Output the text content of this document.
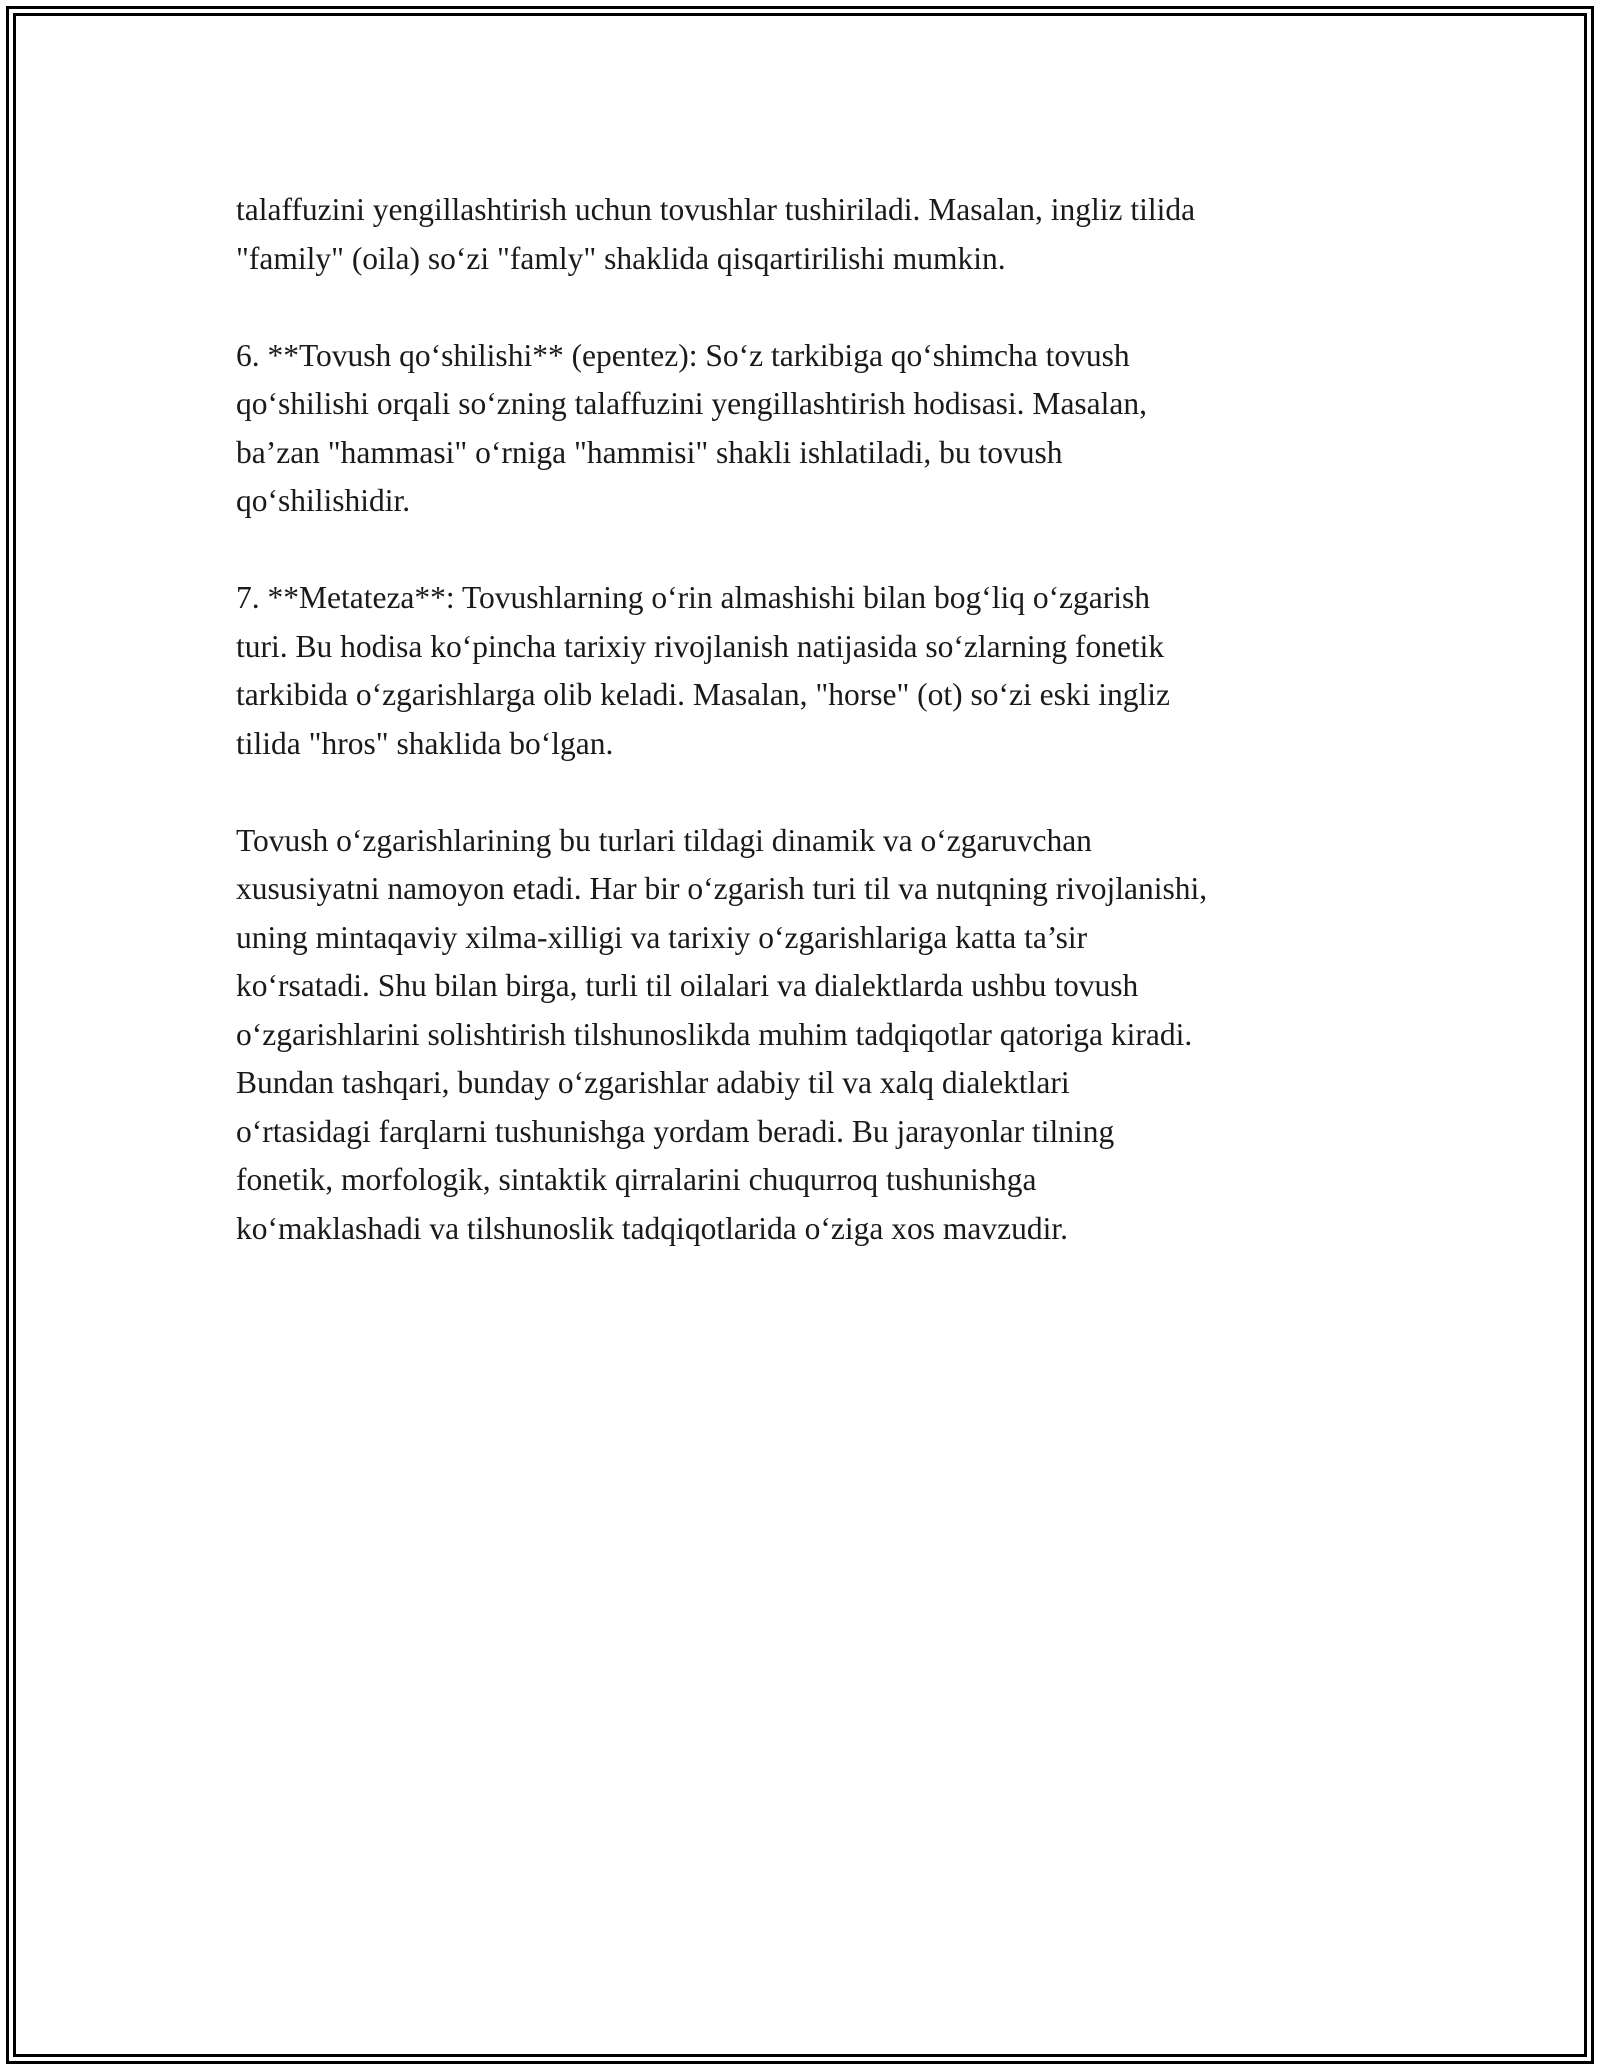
talaffuzini yengillashtirish uchun tovushlar tushiriladi. Masalan, ingliz tilida
"family" (oila) so‘zi "famly" shaklida qisqartirilishi mumkin.

6. **Tovush qo‘shilishi** (epentez): So‘z tarkibiga qo‘shimcha tovush
qo‘shilishi orqali so‘zning talaffuzini yengillashtirish hodisasi. Masalan,
ba’zan "hammasi" o‘rniga "hammisi" shakli ishlatiladi, bu tovush
qo‘shilishidir.

7. **Metateza**: Tovushlarning o‘rin almashishi bilan bog‘liq o‘zgarish
turi. Bu hodisa ko‘pincha tarixiy rivojlanish natijasida so‘zlarning fonetik
tarkibida o‘zgarishlarga olib keladi. Masalan, "horse" (ot) so‘zi eski ingliz
tilida "hros" shaklida bo‘lgan.

Tovush o‘zgarishlarining bu turlari tildagi dinamik va o‘zgaruvchan
xususiyatni namoyon etadi. Har bir o‘zgarish turi til va nutqning rivojlanishi,
uning mintaqaviy xilma-xilligi va tarixiy o‘zgarishlariga katta ta’sir
ko‘rsatadi. Shu bilan birga, turli til oilalari va dialektlarda ushbu tovush
o‘zgarishlarini solishtirish tilshunoslikda muhim tadqiqotlar qatoriga kiradi.
Bundan tashqari, bunday o‘zgarishlar adabiy til va xalq dialektlari
o‘rtasidagi farqlarni tushunishga yordam beradi. Bu jarayonlar tilning
fonetik, morfologik, sintaktik qirralarini chuqurroq tushunishga
ko‘maklashadi va tilshunoslik tadqiqotlarida o‘ziga xos mavzudir.
